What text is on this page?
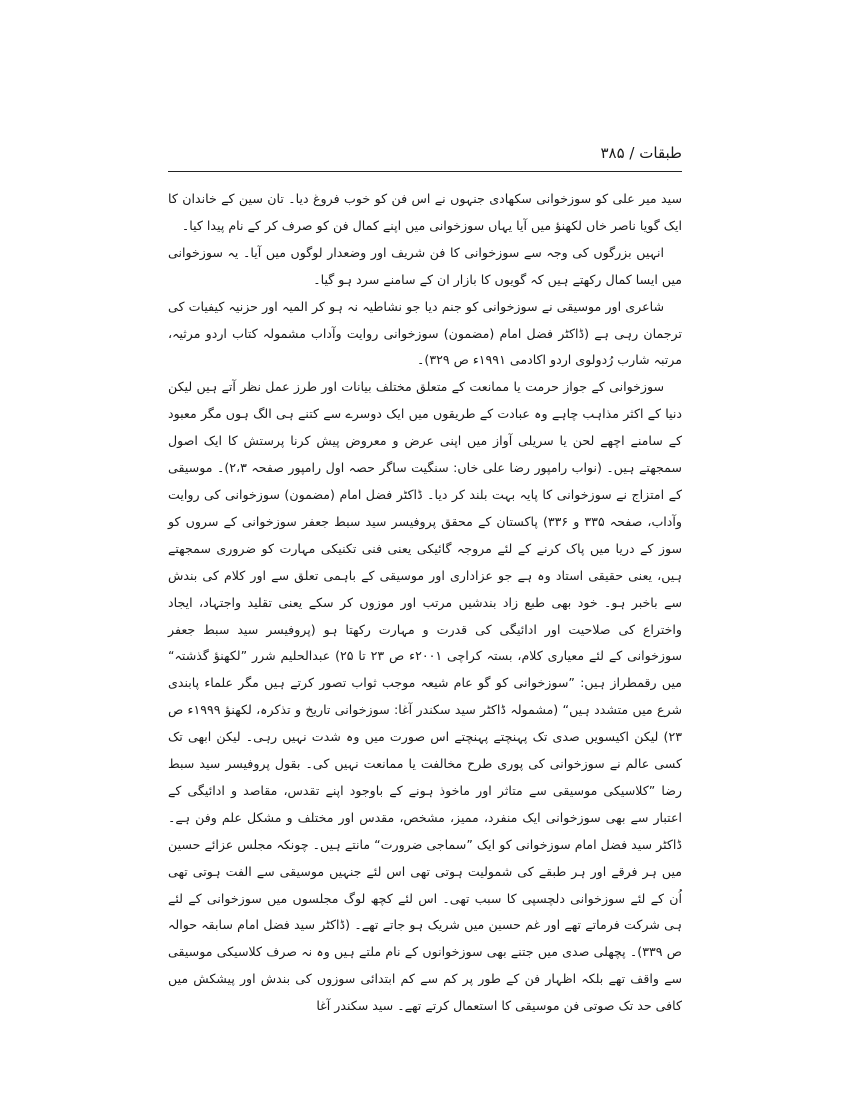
طبقات / ۳۸۵

سید میر علی کو سوزخوانی سکھادی جنہوں نے اس فن کو خوب فروغ دیا۔ تان سین کے خاندان کا ایک گویا ناصر خاں لکھنؤ میں آیا یہاں سوزخوانی میں اپنے کمال فن کو صرف کر کے نام پیدا کیا۔

انہیں بزرگوں کی وجہ سے سوزخوانی کا فن شریف اور وضعدار لوگوں میں آیا۔ یہ سوزخوانی میں ایسا کمال رکھتے ہیں کہ گویوں کا بازار ان کے سامنے سرد ہو گیا۔

شاعری اور موسیقی نے سوزخوانی کو جنم دیا جو نشاطیہ نہ ہو کر المیہ اور حزنیہ کیفیات کی ترجمان رہی ہے (ڈاکٹر فضل امام (مضمون) سوزخوانی روایت وآداب مشمولہ کتاب اردو مرثیہ، مرتبہ شارب رُدولوی اردو اکادمی ۱۹۹۱ء ص ۳۲۹)۔

سوزخوانی کے جواز حرمت یا ممانعت کے متعلق مختلف بیانات اور طرز عمل نظر آتے ہیں لیکن دنیا کے اکثر مذاہب چاہے وہ عبادت کے طریقوں میں ایک دوسرے سے کتنے ہی الگ ہوں مگر معبود کے سامنے اچھے لحن یا سریلی آواز میں اپنی عرض و معروض پیش کرنا پرستش کا ایک اصول سمجھتے ہیں۔ (نواب رامپور رضا علی خاں: سنگیت ساگر حصہ اول رامپور صفحہ ۲،۳)۔ موسیقی کے امتزاج نے سوزخوانی کا پایہ بہت بلند کر دیا۔ ڈاکٹر فضل امام (مضمون) سوزخوانی کی روایت وآداب، صفحہ ۳۳۵ و ۳۳۶) پاکستان کے محقق پروفیسر سید سبط جعفر سوزخوانی کے سروں کو سوز کے دریا میں پاک کرنے کے لئے مروجہ گائیکی یعنی فنی تکنیکی مہارت کو ضروری سمجھتے ہیں، یعنی حقیقی استاد وہ ہے جو عزاداری اور موسیقی کے باہمی تعلق سے اور کلام کی بندش سے باخبر ہو۔ خود بھی طبع زاد بندشیں مرتب اور موزوں کر سکے یعنی تقلید واجتہاد، ایجاد واختراع کی صلاحیت اور ادائیگی کی قدرت و مہارت رکھتا ہو (پروفیسر سید سبط جعفر سوزخوانی کے لئے معیاری کلام، بستہ کراچی ۲۰۰۱ء ص ۲۳ تا ۲۵) عبدالحلیم شرر ”لکھنؤ گذشتہ“ میں رقمطراز ہیں: ”سوزخوانی کو گو عام شیعہ موجب ثواب تصور کرتے ہیں مگر علماء پابندی شرع میں متشدد ہیں“ (مشمولہ ڈاکٹر سید سکندر آغا: سوزخوانی تاریخ و تذکرہ، لکھنؤ ۱۹۹۹ء ص ۲۳) لیکن اکیسویں صدی تک پہنچتے پہنچتے اس صورت میں وہ شدت نہیں رہی۔ لیکن ابھی تک کسی عالم نے سوزخوانی کی پوری طرح مخالفت یا ممانعت نہیں کی۔ بقول پروفیسر سید سبط رضا ”کلاسیکی موسیقی سے متاثر اور ماخوذ ہونے کے باوجود اپنے تقدس، مقاصد و ادائیگی کے اعتبار سے بھی سوزخوانی ایک منفرد، ممیز، مشخص، مقدس اور مختلف و مشکل علم وفن ہے۔ ڈاکٹر سید فضل امام سوزخوانی کو ایک ”سماجی ضرورت“ مانتے ہیں۔ چونکہ مجلس عزائے حسین میں ہر فرقے اور ہر طبقے کی شمولیت ہوتی تھی اس لئے جنہیں موسیقی سے الفت ہوتی تھی اُن کے لئے سوزخوانی دلچسپی کا سبب تھی۔ اس لئے کچھ لوگ مجلسوں میں سوزخوانی کے لئے ہی شرکت فرماتے تھے اور غم حسین میں شریک ہو جاتے تھے۔ (ڈاکٹر سید فضل امام سابقہ حوالہ ص ۳۳۹)۔ پچھلی صدی میں جتنے بھی سوزخوانوں کے نام ملتے ہیں وہ نہ صرف کلاسیکی موسیقی سے واقف تھے بلکہ اظہار فن کے طور پر کم سے کم ابتدائی سوزوں کی بندش اور پیشکش میں کافی حد تک صوتی فن موسیقی کا استعمال کرتے تھے۔ سید سکندر آغا
